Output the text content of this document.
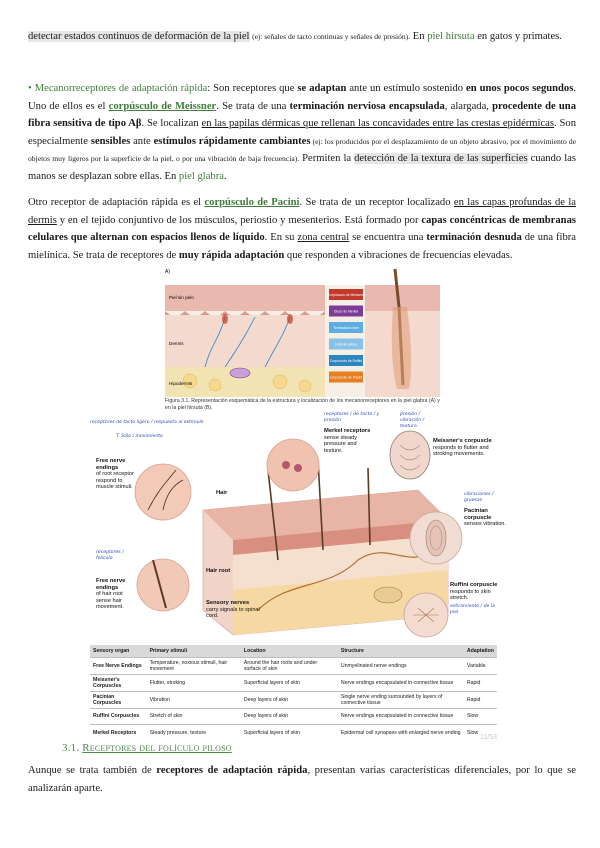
detectar estados continuos de deformación de la piel (ej: señales de tacto continuas y señales de presión). En piel hirsuta en gatos y primates.
• Mecanorreceptores de adaptación rápida: Son receptores que se adaptan ante un estímulo sostenido en unos pocos segundos. Uno de ellos es el corpúsculo de Meissner. Se trata de una terminación nerviosa encapsulada, alargada, procedente de una fibra sensitiva de tipo Aβ. Se localizan en las papilas dérmicas que rellenan las concavidades entre las crestas epidérmicas. Son especialmente sensibles ante estímulos rápidamente cambiantes (ej: los producidos por el desplazamiento de un objeto abrasivo, por el movimiento de objetos muy ligeros por la superficie de la piel, o por una vibración de baja frecuencia). Permiten la detección de la textura de las superficies cuando las manos se desplazan sobre ellas. En piel glabra.
Otro receptor de adaptación rápida es el corpúsculo de Pacini. Se trata de un receptor localizado en las capas profundas de la dermis y en el tejido conjuntivo de los músculos, periostio y mesenterios. Está formado por capas concéntricas de membranas celulares que alternan con espacios llenos de líquido. En su zona central se encuentra una terminación desnuda de una fibra mielínica. Se trata de receptores de muy rápida adaptación que responden a vibraciones de frecuencias elevadas.
A)
Piel sin pelo
Dermis
Hipodermis
Corpúsculo de Meissner
Disco de Merkel
Terminación libre
Folículo piloso
Corpúsculo de Ruffini
Corpúsculo de Pacini
Figura 3.1. Representación esquemática de la estructura y localización de los mecanorreceptores en la piel glabra (A) y en la piel hirsuta (B).
Free nerve endings
of root receptor respond to muscle stimuli.
Merkel receptors
sense steady pressure and texture.
Meissner's corpuscle
responds to flutter and stroking movements.
Hair
Pacinian corpuscle
senses vibration.
Free nerve endings
of hair root sense hair movement.
Hair root
Sensory nerves
carry signals to spinal cord.
Ruffini corpuscle
responds to skin stretch.
receptores de tacto ligero / respuesta al estímulo
T. Sólo / movimiento
receptores / de tacto / y presión
presión / vibración / textura
vibraciones / gruesas
receptores / folículo
estiramiento / de la piel
Sensory organ	Primary stimuli	Location	Structure	Adaptation
Free Nerve Endings	Temperature, noxious stimuli, hair movement	Around the hair roots and under surface of skin	Unmyelinated nerve endings	Variable
Meissner's Corpuscles	Flutter, stroking	Superficial layers of skin	Nerve endings encapsulated in connective tissue	Rapid
Pacinian Corpuscles	Vibration	Deep layers of skin	Single nerve ending surrounded by layers of connective tissue	Rapid
Ruffini Corpuscles	Stretch of skin	Deep layers of skin	Nerve endings encapsulated in connective tissue	Slow
Merkel Receptors	Steady pressure, texture	Superficial layers of skin	Epidermal cell synapses with enlarged nerve ending	Slow
11/53
3.1. Receptores del folículo piloso
Aunque se trata también de receptores de adaptación rápida, presentan varias características diferenciales, por lo que se analizarán aparte.
